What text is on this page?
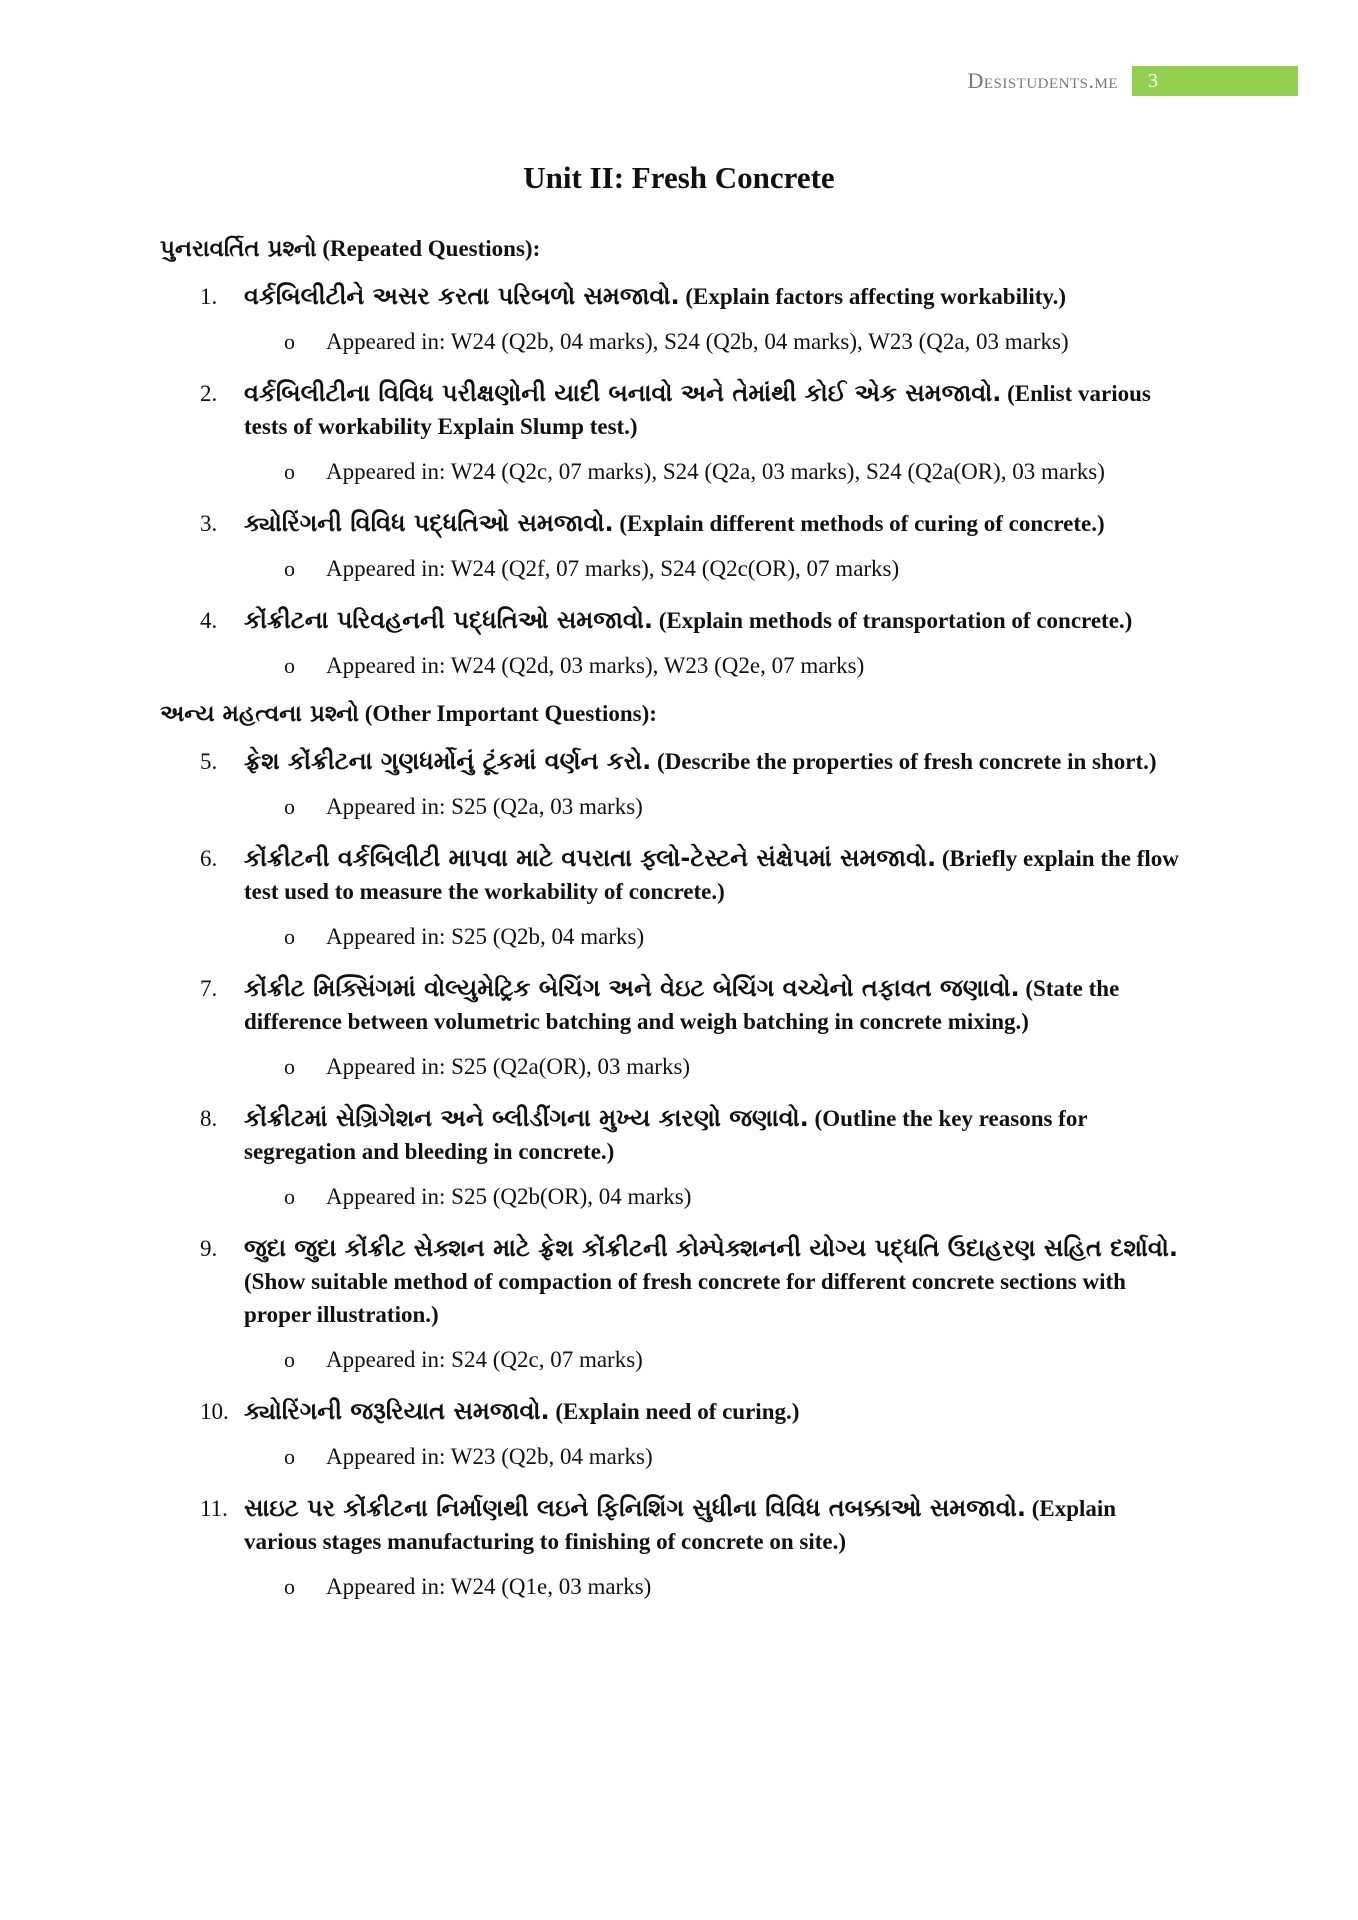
Desistudents.me	3
Unit II: Fresh Concrete

પુનરાવર્તિત પ્રશ્નો (Repeated Questions):

1. વર્કબિલીટીને અસર કરતા પરિબળો સમજાવો. (Explain factors affecting workability.)

o Appeared in: W24 (Q2b, 04 marks), S24 (Q2b, 04 marks), W23 (Q2a, 03 marks)

2. વર્કબિલીટીના વિવિધ પરીક્ષણોની યાદી બનાવો અને તેમાંથી કોઈ એક સમજાવો. (Enlist various tests of workability Explain Slump test.)

o Appeared in: W24 (Q2c, 07 marks), S24 (Q2a, 03 marks), S24 (Q2a(OR), 03 marks)

3. ક્યોરિંગની વિવિધ પદ્ધતિઓ સમજાવો. (Explain different methods of curing of concrete.)

o Appeared in: W24 (Q2f, 07 marks), S24 (Q2c(OR), 07 marks)

4. કોંક્રીટના પરિવહનની પદ્ધતિઓ સમજાવો. (Explain methods of transportation of concrete.)

o Appeared in: W24 (Q2d, 03 marks), W23 (Q2e, 07 marks)

અન્ય મહત્વના પ્રશ્નો (Other Important Questions):

5. ફ્રેશ કોંક્રીટના ગુણધર્મોનું ટૂંકમાં વર્ણન કરો. (Describe the properties of fresh concrete in short.)

o Appeared in: S25 (Q2a, 03 marks)

6. કોંક્રીટની વર્કબિલીટી માપવા માટે વપરાતા ફ્લો-ટેસ્ટને સંક્ષેપમાં સમજાવો. (Briefly explain the flow test used to measure the workability of concrete.)

o Appeared in: S25 (Q2b, 04 marks)

7. કોંક્રીટ મિક્સિંગમાં વોલ્યુમેટ્રિક બેચિંગ અને વેઇટ બેચિંગ વચ્ચેનો તફાવત જણાવો. (State the difference between volumetric batching and weigh batching in concrete mixing.)

o Appeared in: S25 (Q2a(OR), 03 marks)

8. કોંક્રીટમાં સેગ્રિગેશન અને બ્લીડીંગના મુખ્ય કારણો જણાવો. (Outline the key reasons for segregation and bleeding in concrete.)

o Appeared in: S25 (Q2b(OR), 04 marks)

9. જુદા જુદા કોંક્રીટ સેક્શન માટે ફ્રેશ કોંક્રીટની કોમ્પેક્શનની યોગ્ય પદ્ધતિ ઉદાહરણ સહિત દર્શાવો. (Show suitable method of compaction of fresh concrete for different concrete sections with proper illustration.)

o Appeared in: S24 (Q2c, 07 marks)

10. ક્યોરિંગની જરૂરિયાત સમજાવો. (Explain need of curing.)

o Appeared in: W23 (Q2b, 04 marks)

11. સાઇટ પર કોંક્રીટના નિર્માણથી લઇને ફિનિશિંગ સુધીના વિવિધ તબક્કાઓ સમજાવો. (Explain various stages manufacturing to finishing of concrete on site.)

o Appeared in: W24 (Q1e, 03 marks)
